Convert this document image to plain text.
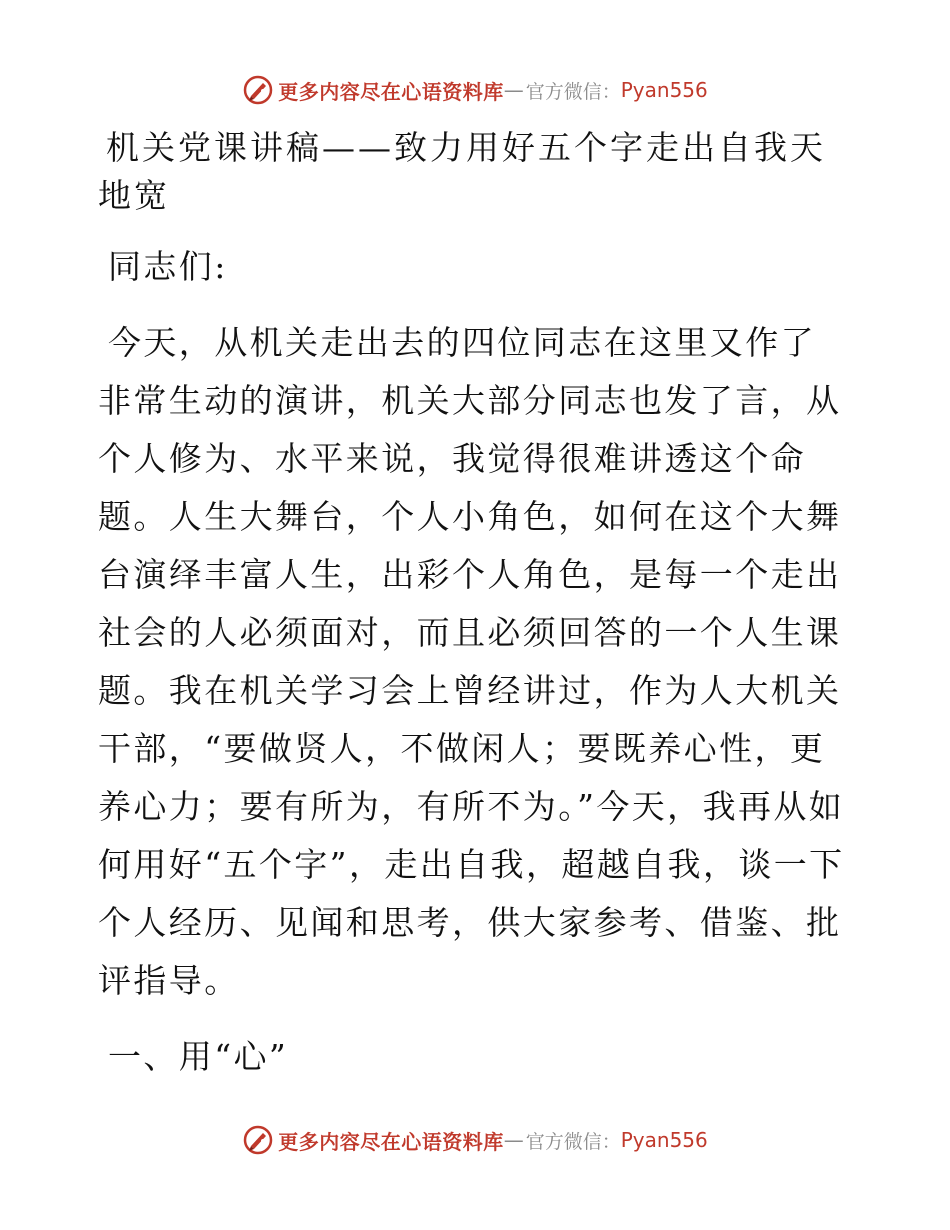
更多内容尽在心语资料库 — 官方微信： Pyan556
机关党课讲稿——致力用好五个字走出自我天地宽

同志们:

今天，从机关走出去的四位同志在这里又作了非常生动的演讲，机关大部分同志也发了言，从个人修为、水平来说，我觉得很难讲透这个命题。人生大舞台，个人小角色，如何在这个大舞台演绎丰富人生，出彩个人角色，是每一个走出社会的人必须面对，而且必须回答的一个人生课题。我在机关学习会上曾经讲过，作为人大机关干部，“要做贤人，不做闲人；要既养心性，更养心力；要有所为，有所不为。”今天，我再从如何用好“五个字”，走出自我，超越自我，谈一下个人经历、见闻和思考，供大家参考、借鉴、批评指导。

一、用“心”

更多内容尽在心语资料库 — 官方微信： Pyan556
